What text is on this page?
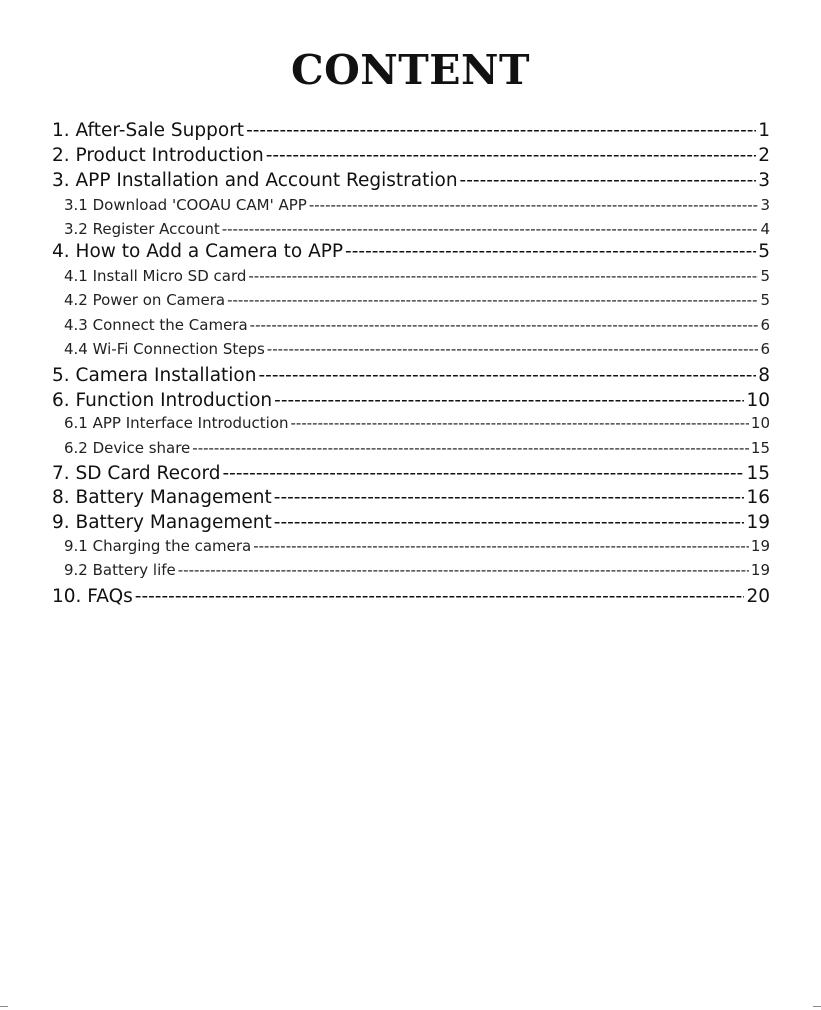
CONTENT
1. After-Sale Support -----	1
2. Product Introduction -----	2
3. APP Installation and Account Registration -----	3
3.1 Download 'COOAU CAM' APP -----	3
3.2 Register Account -----	4
4. How to Add a Camera to APP -----	5
4.1 Install Micro SD card -----	5
4.2 Power on Camera -----	5
4.3 Connect the Camera -----	6
4.4 Wi-Fi Connection Steps -----	6
5. Camera Installation -----	8
6. Function Introduction -----	10
6.1 APP Interface Introduction -----	10
6.2 Device share -----	15
7. SD Card Record -----	15
8. Battery Management -----	16
9. Battery Management -----	19
9.1 Charging the camera -----	19
9.2 Battery life -----	19
10. FAQs -----	20
